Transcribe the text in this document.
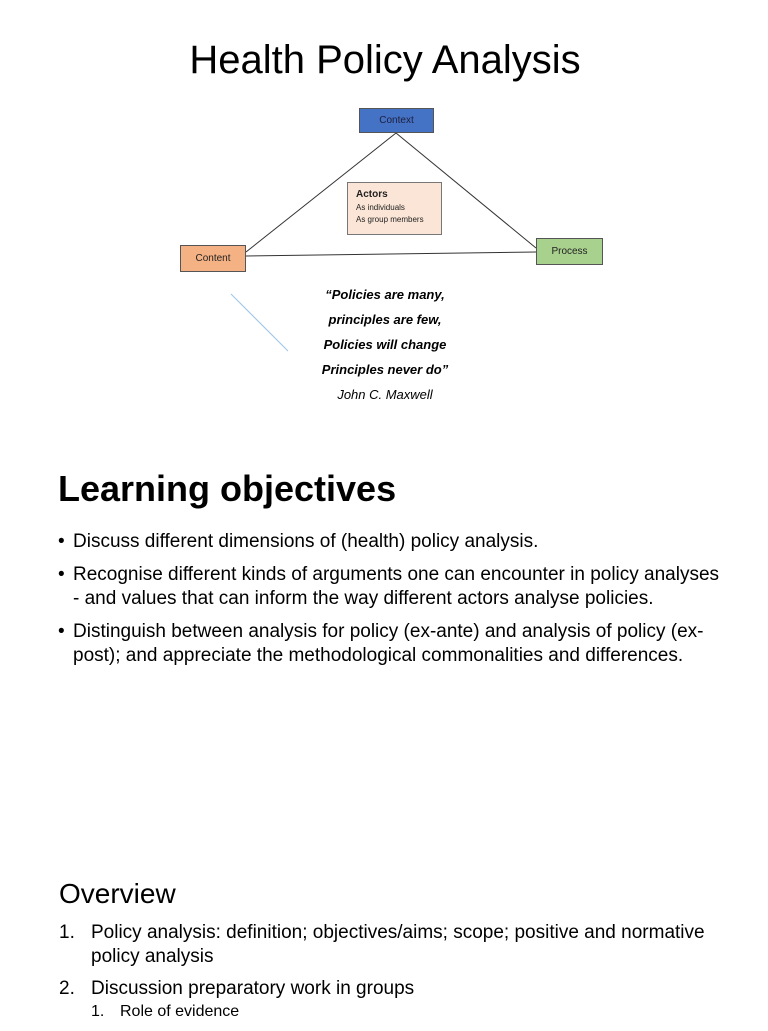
Health Policy Analysis
Context
Content
Process
Actors
As individuals
As group members
“Policies are many,
principles are few,
Policies will change
Principles never do”
John C. Maxwell
Learning objectives
• Discuss different dimensions of (health) policy analysis.
• Recognise different kinds of arguments one can encounter in policy analyses - and values that can inform the way different actors analyse policies.
• Distinguish between analysis for policy (ex-ante) and analysis of policy (ex-post); and appreciate the methodological commonalities and differences.
Overview
1. Policy analysis: definition; objectives/aims; scope; positive and normative policy analysis
2. Discussion preparatory work in groups
1. Role of evidence
